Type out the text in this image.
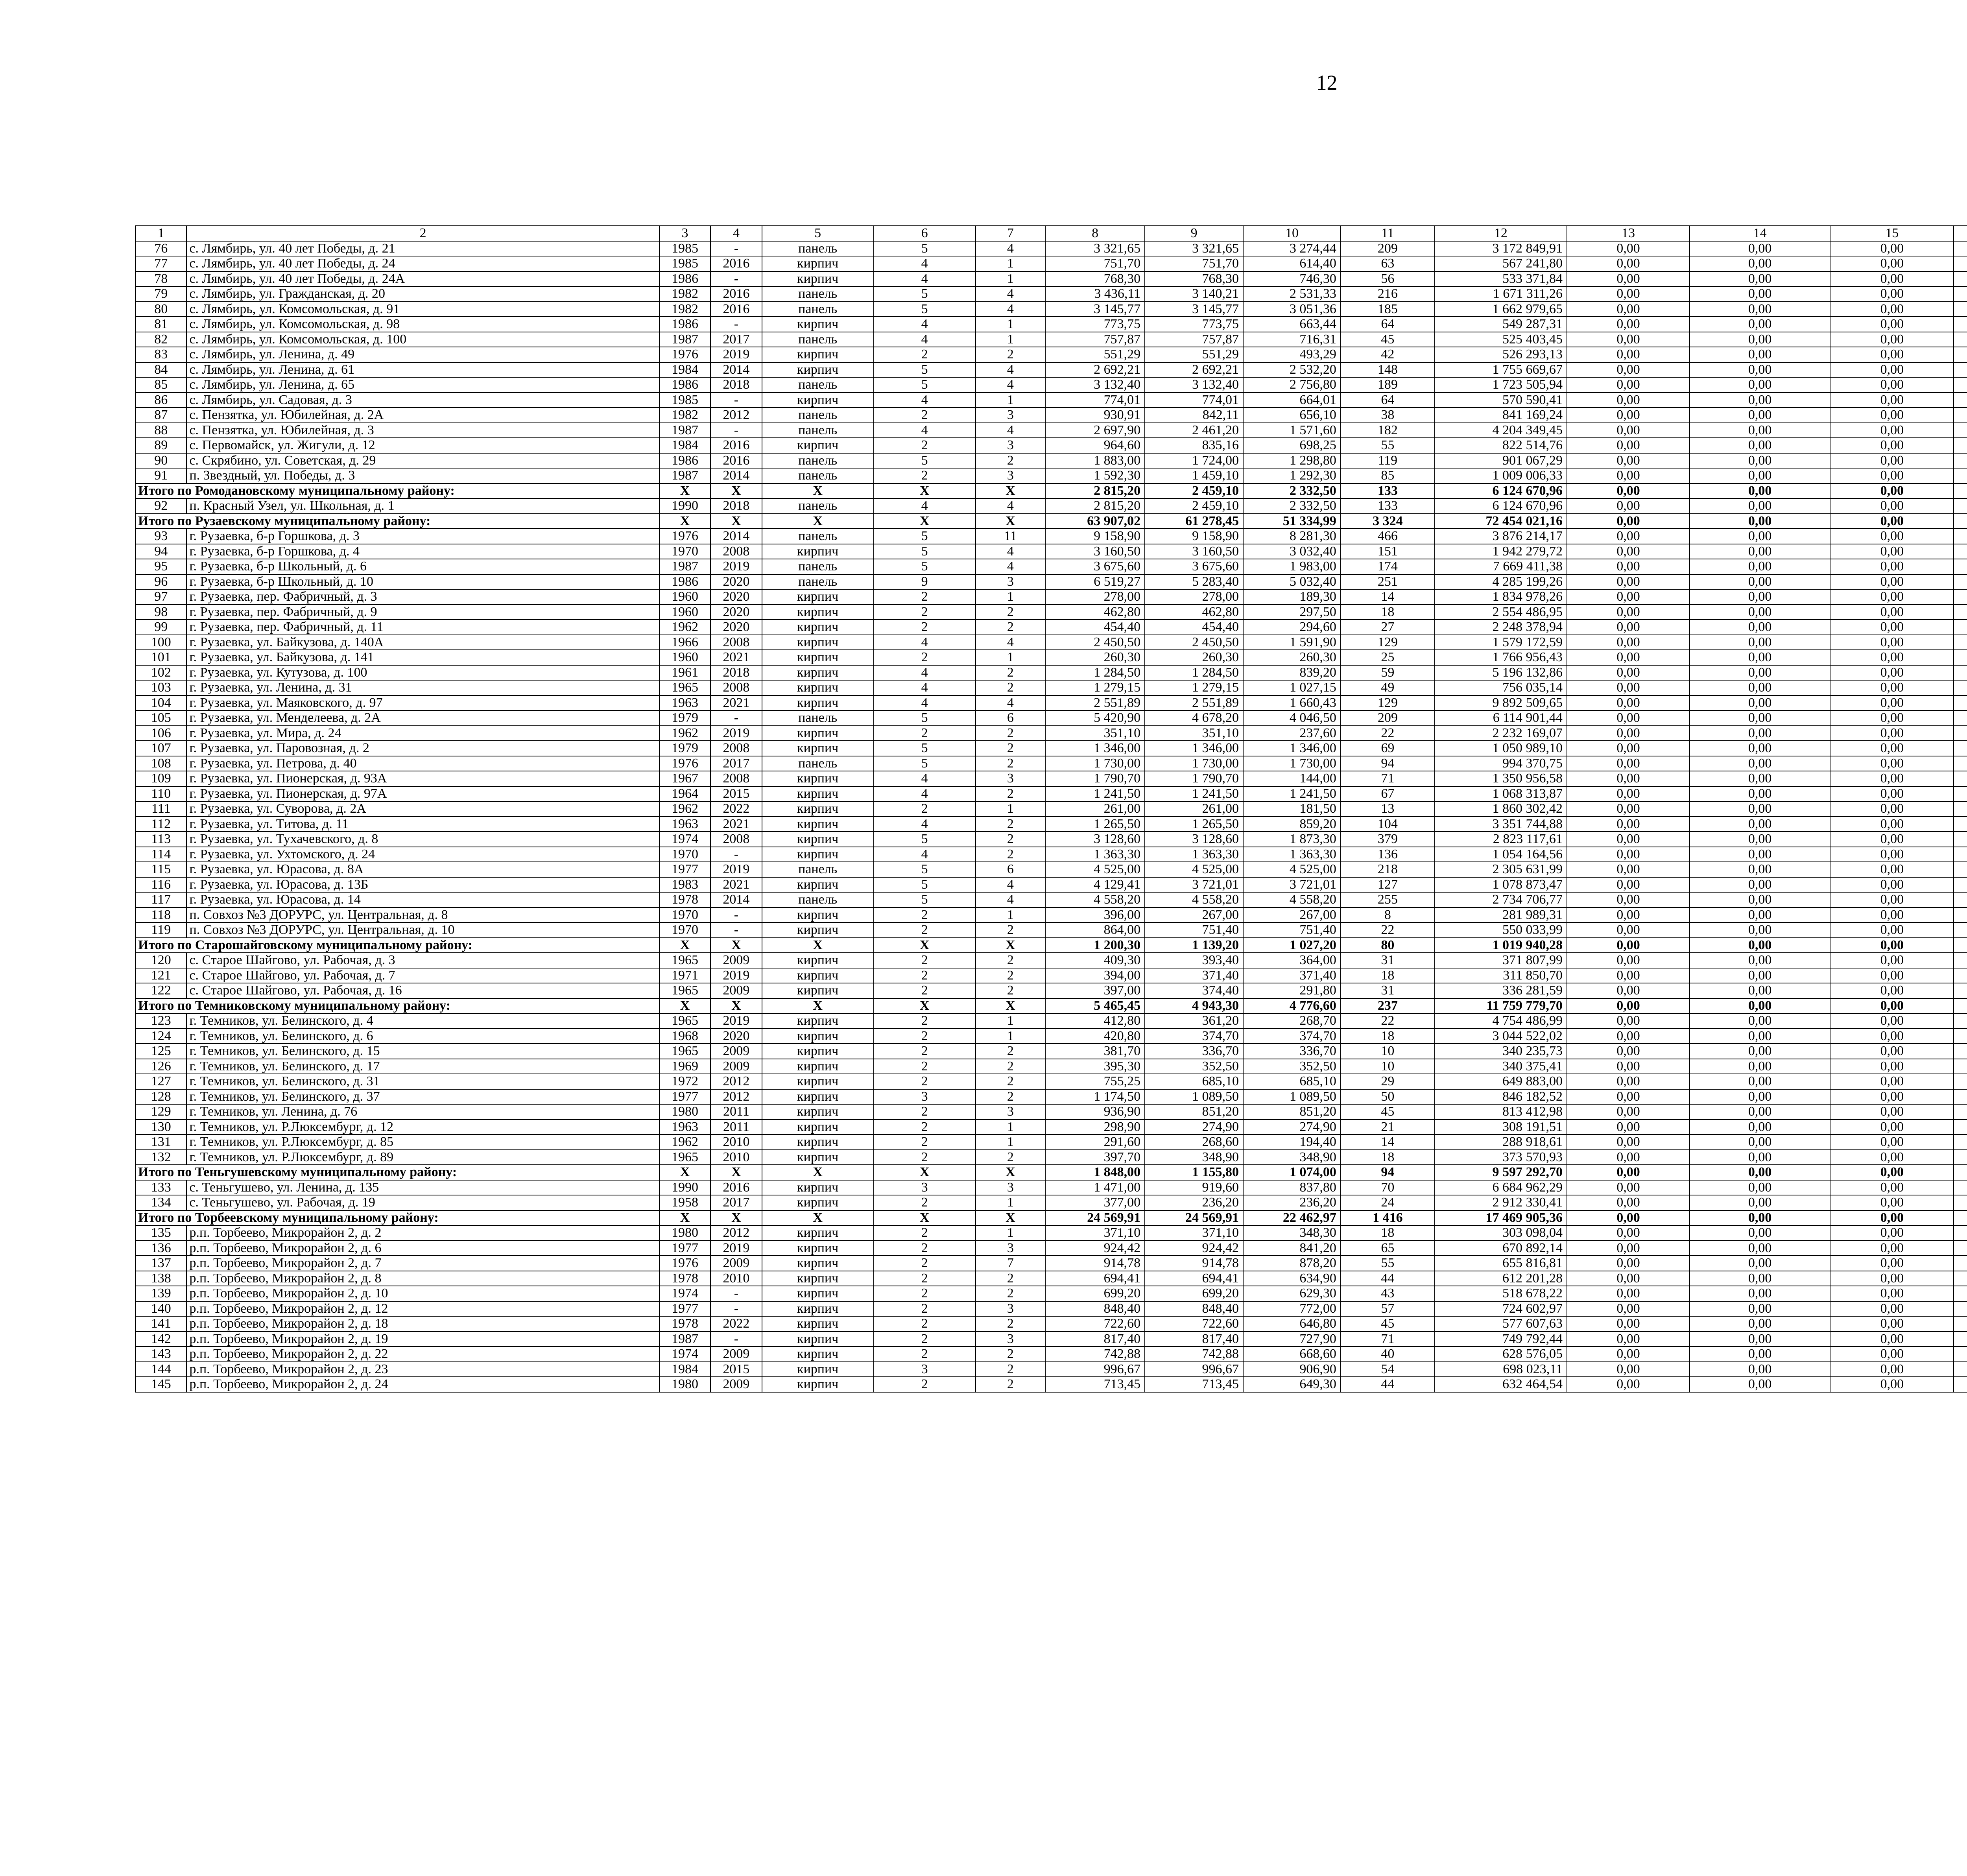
12
1	2	3	4	5	6	7	8	9	10	11	12	13	14	15				
76	с. Лямбирь, ул. 40 лет Победы, д. 21	1985	-	панель	5	4	3 321,65	3 321,65	3 274,44	209	3 172 849,91	0,00	0,00	0,00				
77	с. Лямбирь, ул. 40 лет Победы, д. 24	1985	2016	кирпич	4	1	751,70	751,70	614,40	63	567 241,80	0,00	0,00	0,00				
78	с. Лямбирь, ул. 40 лет Победы, д. 24А	1986	-	кирпич	4	1	768,30	768,30	746,30	56	533 371,84	0,00	0,00	0,00				
79	с. Лямбирь, ул. Гражданская, д. 20	1982	2016	панель	5	4	3 436,11	3 140,21	2 531,33	216	1 671 311,26	0,00	0,00	0,00				
80	с. Лямбирь, ул. Комсомольская, д. 91	1982	2016	панель	5	4	3 145,77	3 145,77	3 051,36	185	1 662 979,65	0,00	0,00	0,00				
81	с. Лямбирь, ул. Комсомольская, д. 98	1986	-	кирпич	4	1	773,75	773,75	663,44	64	549 287,31	0,00	0,00	0,00				
82	с. Лямбирь, ул. Комсомольская, д. 100	1987	2017	панель	4	1	757,87	757,87	716,31	45	525 403,45	0,00	0,00	0,00				
83	с. Лямбирь, ул. Ленина, д. 49	1976	2019	кирпич	2	2	551,29	551,29	493,29	42	526 293,13	0,00	0,00	0,00				
84	с. Лямбирь, ул. Ленина, д. 61	1984	2014	кирпич	5	4	2 692,21	2 692,21	2 532,20	148	1 755 669,67	0,00	0,00	0,00				
85	с. Лямбирь, ул. Ленина, д. 65	1986	2018	панель	5	4	3 132,40	3 132,40	2 756,80	189	1 723 505,94	0,00	0,00	0,00				
86	с. Лямбирь, ул. Садовая, д. 3	1985	-	кирпич	4	1	774,01	774,01	664,01	64	570 590,41	0,00	0,00	0,00				
87	с. Пензятка, ул. Юбилейная, д. 2А	1982	2012	панель	2	3	930,91	842,11	656,10	38	841 169,24	0,00	0,00	0,00				
88	с. Пензятка, ул. Юбилейная, д. 3	1987	-	панель	4	4	2 697,90	2 461,20	1 571,60	182	4 204 349,45	0,00	0,00	0,00				
89	с. Первомайск, ул. Жигули, д. 12	1984	2016	кирпич	2	3	964,60	835,16	698,25	55	822 514,76	0,00	0,00	0,00				
90	с. Скрябино, ул. Советская, д. 29	1986	2016	панель	5	2	1 883,00	1 724,00	1 298,80	119	901 067,29	0,00	0,00	0,00				
91	п. Звездный, ул. Победы, д. 3	1987	2014	панель	2	3	1 592,30	1 459,10	1 292,30	85	1 009 006,33	0,00	0,00	0,00				
Итого по Ромодановскому муниципальному району:		X	X	X	X	X	2 815,20	2 459,10	2 332,50	133	6 124 670,96	0,00	0,00	0,00				
92	п. Красный Узел, ул. Школьная, д. 1	1990	2018	панель	4	4	2 815,20	2 459,10	2 332,50	133	6 124 670,96	0,00	0,00	0,00				
Итого по Рузаевскому муниципальному району:		X	X	X	X	X	63 907,02	61 278,45	51 334,99	3 324	72 454 021,16	0,00	0,00	0,00				
93	г. Рузаевка, б-р Горшкова, д. 3	1976	2014	панель	5	11	9 158,90	9 158,90	8 281,30	466	3 876 214,17	0,00	0,00	0,00				
94	г. Рузаевка, б-р Горшкова, д. 4	1970	2008	кирпич	5	4	3 160,50	3 160,50	3 032,40	151	1 942 279,72	0,00	0,00	0,00				
95	г. Рузаевка, б-р Школьный, д. 6	1987	2019	панель	5	4	3 675,60	3 675,60	1 983,00	174	7 669 411,38	0,00	0,00	0,00				
96	г. Рузаевка, б-р Школьный, д. 10	1986	2020	панель	9	3	6 519,27	5 283,40	5 032,40	251	4 285 199,26	0,00	0,00	0,00				
97	г. Рузаевка, пер. Фабричный, д. 3	1960	2020	кирпич	2	1	278,00	278,00	189,30	14	1 834 978,26	0,00	0,00	0,00				
98	г. Рузаевка, пер. Фабричный, д. 9	1960	2020	кирпич	2	2	462,80	462,80	297,50	18	2 554 486,95	0,00	0,00	0,00				
99	г. Рузаевка, пер. Фабричный, д. 11	1962	2020	кирпич	2	2	454,40	454,40	294,60	27	2 248 378,94	0,00	0,00	0,00				
100	г. Рузаевка, ул. Байкузова, д. 140А	1966	2008	кирпич	4	4	2 450,50	2 450,50	1 591,90	129	1 579 172,59	0,00	0,00	0,00				
101	г. Рузаевка, ул. Байкузова, д. 141	1960	2021	кирпич	2	1	260,30	260,30	260,30	25	1 766 956,43	0,00	0,00	0,00				
102	г. Рузаевка, ул. Кутузова, д. 100	1961	2018	кирпич	4	2	1 284,50	1 284,50	839,20	59	5 196 132,86	0,00	0,00	0,00				
103	г. Рузаевка, ул. Ленина, д. 31	1965	2008	кирпич	4	2	1 279,15	1 279,15	1 027,15	49	756 035,14	0,00	0,00	0,00				
104	г. Рузаевка, ул. Маяковского, д. 97	1963	2021	кирпич	4	4	2 551,89	2 551,89	1 660,43	129	9 892 509,65	0,00	0,00	0,00				
105	г. Рузаевка, ул. Менделеева, д. 2А	1979	-	панель	5	6	5 420,90	4 678,20	4 046,50	209	6 114 901,44	0,00	0,00	0,00				
106	г. Рузаевка, ул. Мира, д. 24	1962	2019	кирпич	2	2	351,10	351,10	237,60	22	2 232 169,07	0,00	0,00	0,00				
107	г. Рузаевка, ул. Паровозная, д. 2	1979	2008	кирпич	5	2	1 346,00	1 346,00	1 346,00	69	1 050 989,10	0,00	0,00	0,00				
108	г. Рузаевка, ул. Петрова, д. 40	1976	2017	панель	5	2	1 730,00	1 730,00	1 730,00	94	994 370,75	0,00	0,00	0,00				
109	г. Рузаевка, ул. Пионерская, д. 93А	1967	2008	кирпич	4	3	1 790,70	1 790,70	144,00	71	1 350 956,58	0,00	0,00	0,00				
110	г. Рузаевка, ул. Пионерская, д. 97А	1964	2015	кирпич	4	2	1 241,50	1 241,50	1 241,50	67	1 068 313,87	0,00	0,00	0,00				
111	г. Рузаевка, ул. Суворова, д. 2А	1962	2022	кирпич	2	1	261,00	261,00	181,50	13	1 860 302,42	0,00	0,00	0,00				
112	г. Рузаевка, ул. Титова, д. 11	1963	2021	кирпич	4	2	1 265,50	1 265,50	859,20	104	3 351 744,88	0,00	0,00	0,00				
113	г. Рузаевка, ул. Тухачевского, д. 8	1974	2008	кирпич	5	2	3 128,60	3 128,60	1 873,30	379	2 823 117,61	0,00	0,00	0,00				
114	г. Рузаевка, ул. Ухтомского, д. 24	1970	-	кирпич	4	2	1 363,30	1 363,30	1 363,30	136	1 054 164,56	0,00	0,00	0,00				
115	г. Рузаевка, ул. Юрасова, д. 8А	1977	2019	панель	5	6	4 525,00	4 525,00	4 525,00	218	2 305 631,99	0,00	0,00	0,00				
116	г. Рузаевка, ул. Юрасова, д. 13Б	1983	2021	кирпич	5	4	4 129,41	3 721,01	3 721,01	127	1 078 873,47	0,00	0,00	0,00				
117	г. Рузаевка, ул. Юрасова, д. 14	1978	2014	панель	5	4	4 558,20	4 558,20	4 558,20	255	2 734 706,77	0,00	0,00	0,00				
118	п. Совхоз №3 ДОРУРС, ул. Центральная, д. 8	1970	-	кирпич	2	1	396,00	267,00	267,00	8	281 989,31	0,00	0,00	0,00				
119	п. Совхоз №3 ДОРУРС, ул. Центральная, д. 10	1970	-	кирпич	2	2	864,00	751,40	751,40	22	550 033,99	0,00	0,00	0,00				
Итого по Старошайговскому муниципальному району:		X	X	X	X	X	1 200,30	1 139,20	1 027,20	80	1 019 940,28	0,00	0,00	0,00				
120	с. Старое Шайгово, ул. Рабочая, д. 3	1965	2009	кирпич	2	2	409,30	393,40	364,00	31	371 807,99	0,00	0,00	0,00				
121	с. Старое Шайгово, ул. Рабочая, д. 7	1971	2019	кирпич	2	2	394,00	371,40	371,40	18	311 850,70	0,00	0,00	0,00				
122	с. Старое Шайгово, ул. Рабочая, д. 16	1965	2009	кирпич	2	2	397,00	374,40	291,80	31	336 281,59	0,00	0,00	0,00				
Итого по Темниковскому муниципальному району:		X	X	X	X	X	5 465,45	4 943,30	4 776,60	237	11 759 779,70	0,00	0,00	0,00				
123	г. Темников, ул. Белинского, д. 4	1965	2019	кирпич	2	1	412,80	361,20	268,70	22	4 754 486,99	0,00	0,00	0,00				
124	г. Темников, ул. Белинского, д. 6	1968	2020	кирпич	2	1	420,80	374,70	374,70	18	3 044 522,02	0,00	0,00	0,00				
125	г. Темников, ул. Белинского, д. 15	1965	2009	кирпич	2	2	381,70	336,70	336,70	10	340 235,73	0,00	0,00	0,00				
126	г. Темников, ул. Белинского, д. 17	1969	2009	кирпич	2	2	395,30	352,50	352,50	10	340 375,41	0,00	0,00	0,00				
127	г. Темников, ул. Белинского, д. 31	1972	2012	кирпич	2	2	755,25	685,10	685,10	29	649 883,00	0,00	0,00	0,00				
128	г. Темников, ул. Белинского, д. 37	1977	2012	кирпич	3	2	1 174,50	1 089,50	1 089,50	50	846 182,52	0,00	0,00	0,00				
129	г. Темников, ул. Ленина, д. 76	1980	2011	кирпич	2	3	936,90	851,20	851,20	45	813 412,98	0,00	0,00	0,00				
130	г. Темников, ул. Р.Люксембург, д. 12	1963	2011	кирпич	2	1	298,90	274,90	274,90	21	308 191,51	0,00	0,00	0,00				
131	г. Темников, ул. Р.Люксембург, д. 85	1962	2010	кирпич	2	1	291,60	268,60	194,40	14	288 918,61	0,00	0,00	0,00				
132	г. Темников, ул. Р.Люксембург, д. 89	1965	2010	кирпич	2	2	397,70	348,90	348,90	18	373 570,93	0,00	0,00	0,00				
Итого по Теньгушевскому муниципальному району:		X	X	X	X	X	1 848,00	1 155,80	1 074,00	94	9 597 292,70	0,00	0,00	0,00				
133	с. Теньгушево, ул. Ленина, д. 135	1990	2016	кирпич	3	3	1 471,00	919,60	837,80	70	6 684 962,29	0,00	0,00	0,00				
134	с. Теньгушево, ул. Рабочая, д. 19	1958	2017	кирпич	2	1	377,00	236,20	236,20	24	2 912 330,41	0,00	0,00	0,00				
Итого по Торбеевскому муниципальному району:		X	X	X	X	X	24 569,91	24 569,91	22 462,97	1 416	17 469 905,36	0,00	0,00	0,00				
135	р.п. Торбеево, Микрорайон 2, д. 2	1980	2012	кирпич	2	1	371,10	371,10	348,30	18	303 098,04	0,00	0,00	0,00				
136	р.п. Торбеево, Микрорайон 2, д. 6	1977	2019	кирпич	2	3	924,42	924,42	841,20	65	670 892,14	0,00	0,00	0,00				
137	р.п. Торбеево, Микрорайон 2, д. 7	1976	2009	кирпич	2	7	914,78	914,78	878,20	55	655 816,81	0,00	0,00	0,00				
138	р.п. Торбеево, Микрорайон 2, д. 8	1978	2010	кирпич	2	2	694,41	694,41	634,90	44	612 201,28	0,00	0,00	0,00				
139	р.п. Торбеево, Микрорайон 2, д. 10	1974	-	кирпич	2	2	699,20	699,20	629,30	43	518 678,22	0,00	0,00	0,00				
140	р.п. Торбеево, Микрорайон 2, д. 12	1977	-	кирпич	2	3	848,40	848,40	772,00	57	724 602,97	0,00	0,00	0,00				
141	р.п. Торбеево, Микрорайон 2, д. 18	1978	2022	кирпич	2	2	722,60	722,60	646,80	45	577 607,63	0,00	0,00	0,00				
142	р.п. Торбеево, Микрорайон 2, д. 19	1987	-	кирпич	2	3	817,40	817,40	727,90	71	749 792,44	0,00	0,00	0,00				
143	р.п. Торбеево, Микрорайон 2, д. 22	1974	2009	кирпич	2	2	742,88	742,88	668,60	40	628 576,05	0,00	0,00	0,00				
144	р.п. Торбеево, Микрорайон 2, д. 23	1984	2015	кирпич	3	2	996,67	996,67	906,90	54	698 023,11	0,00	0,00	0,00				
145	р.п. Торбеево, Микрорайон 2, д. 24	1980	2009	кирпич	2	2	713,45	713,45	649,30	44	632 464,54	0,00	0,00	0,00				
